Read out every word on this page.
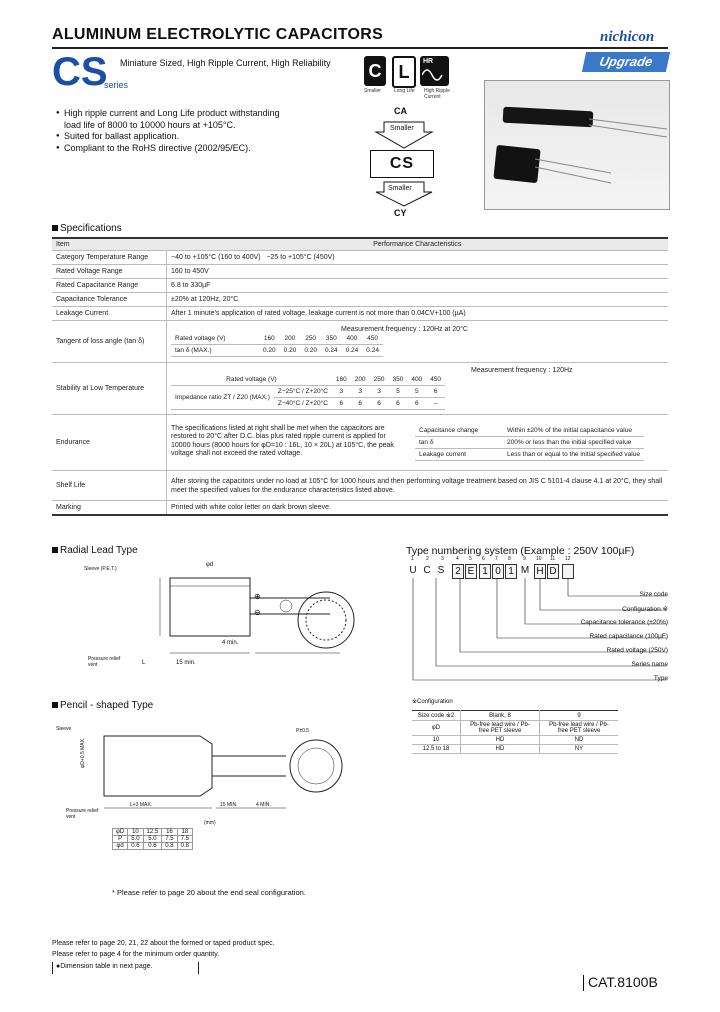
ALUMINUM ELECTROLYTIC CAPACITORS	nichicon
Upgrade
CS
series
Miniature Sized, High Ripple Current, High Reliability C L
HR
Smaller	Long Life High Ripple Current
● High ripple current and Long Life product withstanding
load life of 8000 to 10000 hours at +105°C.
● Suited for ballast application.
● Compliant to the RoHS directive (2002/95/EC).
CA
Smaller
CS
Smaller
CY
Specifications
Item	Performance Characteristics
Category Temperature Range	−40 to +105°C (160 to 400V) −25 to +105°C (450V)
Rated Voltage Range	160 to 450V
Rated Capacitance Range	6.8 to 330µF
Capacitance Tolerance	±20% at 120Hz, 20°C
Leakage Current	After 1 minute's application of rated voltage, leakage current is not more than 0.04CV+100 (µA)
Tangent of loss angle (tan δ)	
Measurement frequency : 120Hz at 20°C
Rated voltage (V)	160	200	250	350	400	450
tan δ (MAX.)	0.20	0.20	0.20	0.24	0.24	0.24

Stability at Low Temperature	
Measurement frequency : 120Hz
Rated voltage (V)	160	200	250	350	400	450
Impedance ratio ZT / Z20 (MAX.)	Z−25°C / Z+20°C	3	3	3	5	5	6
Z−40°C / Z+20°C	6	6	6	6	6	–

Endurance	
The specifications listed at right shall be met when the capacitors are restored to 20°C after D.C. bias plus rated ripple current is applied for 10000 hours (8000 hours for φD=10 : 16L, 10 × 20L) at 105°C, the peak voltage shall not exceed the rated voltage.
Capacitance change	Within ±20% of the initial capacitance value
tan δ	200% or less than the initial specified value
Leakage current	Less than or equal to the initial specified value

Shelf Life	After storing the capacitors under no load at 105°C for 1000 hours and then performing voltage treatment based on JIS C 5101-4 clause 4.1 at 20°C, they shall meet the specified values for the endurance characteristics listed above.
Marking	Printed with white color letter on dark brown sleeve.
Radial Lead Type
Sleeve (P.E.T.)
φd
⊕
⊖
Pressure relief vent	L	15 min.
4 min.
Pencil - shaped Type
Sleeve
φD+0.5 MAX.
L+3 MAX.	15 MIN.	4 MIN.
P±0.5
Pressure relief vent
(mm)
φD	10	12.5	16	18
P	5.0	5.0	7.5	7.5
φd	0.6	0.6	0.8	0.8
* Please refer to page 20 about the end seal configuration.
Type numbering system (Example : 250V 100µF)
1 2 3 4 5 6 7 8 9 10 11 12
U C S	2 E 1 0 1 M H D
Size code
Configuration ※
Capacitance tolerance (±20%)
Rated capacitance (100µF)
Rated voltage (250V)
Series name
Type
※Configuration
Size code ※2	Blank, 8	9
φD	Pb-free lead wire / Pb-free PET sleeve	Pb-free lead wire / Pb-free PET sleeve
10	HD	ND
12.5 to 18	HD	NY
Please refer to page 20, 21, 22 about the formed or taped product spec.
Please refer to page 4 for the minimum order quantity.
●Dimension table in next page.
CAT.8100B
